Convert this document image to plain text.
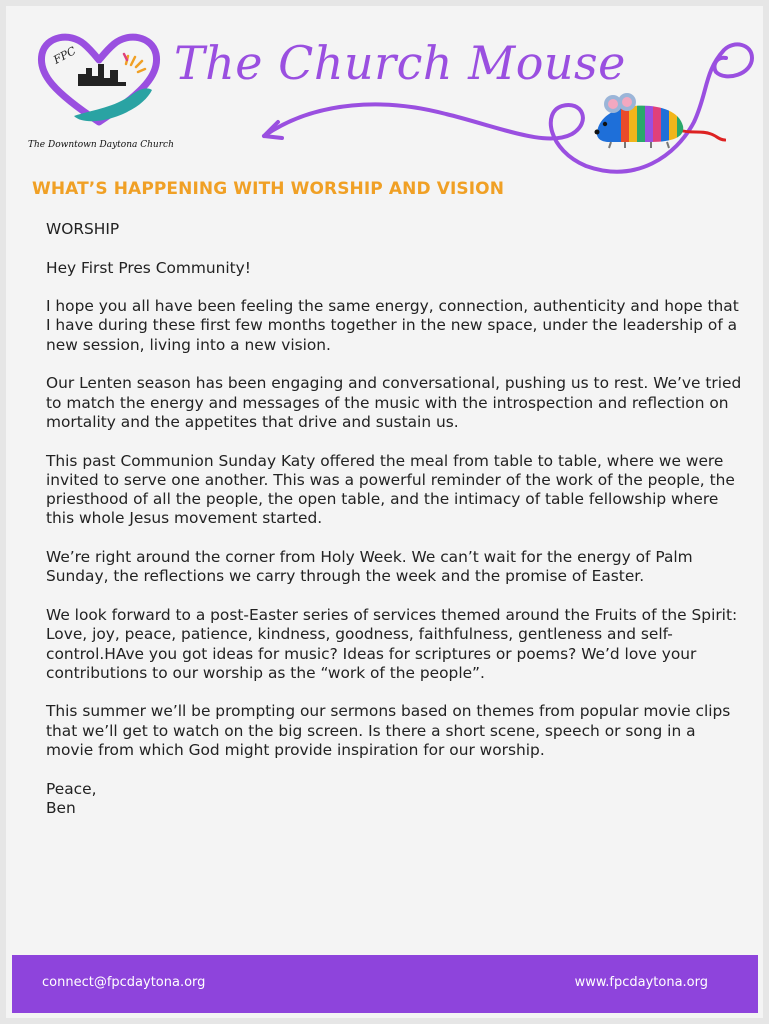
FPC
The Downtown Daytona Church
The Church Mouse
WHAT’S HAPPENING WITH WORSHIP AND VISION

WORSHIP

Hey First Pres Community!

I hope you all have been feeling the same energy, connection, authenticity and hope that I have during these first few months together in the new space, under the leadership of a new session, living into a new vision.

Our Lenten season has been engaging and conversational, pushing us to rest. We’ve tried to match the energy and messages of the music with the introspection and reflection on mortality and the appetites that drive and sustain us.

This past Communion Sunday Katy offered the meal from table to table, where we were invited to serve one another. This was a powerful reminder of the work of the people, the priesthood of all the people, the open table, and the intimacy of table fellowship where this whole Jesus movement started.

We’re right around the corner from Holy Week. We can’t wait for the energy of Palm Sunday, the reflections we carry through the week and the promise of Easter.

We look forward to a post-Easter series of services themed around the Fruits of the Spirit: Love, joy, peace, patience, kindness, goodness, faithfulness, gentleness and self-control.HAve you got ideas for music? Ideas for scriptures or poems? We’d love your contributions to our worship as the “work of the people”.

This summer we’ll be prompting our sermons based on themes from popular movie clips that we’ll get to watch on the big screen. Is there a short scene, speech or song in a movie from which God might provide inspiration for our worship.

Peace,

Ben

connect@fpcdaytona.org	www.fpcdaytona.org
